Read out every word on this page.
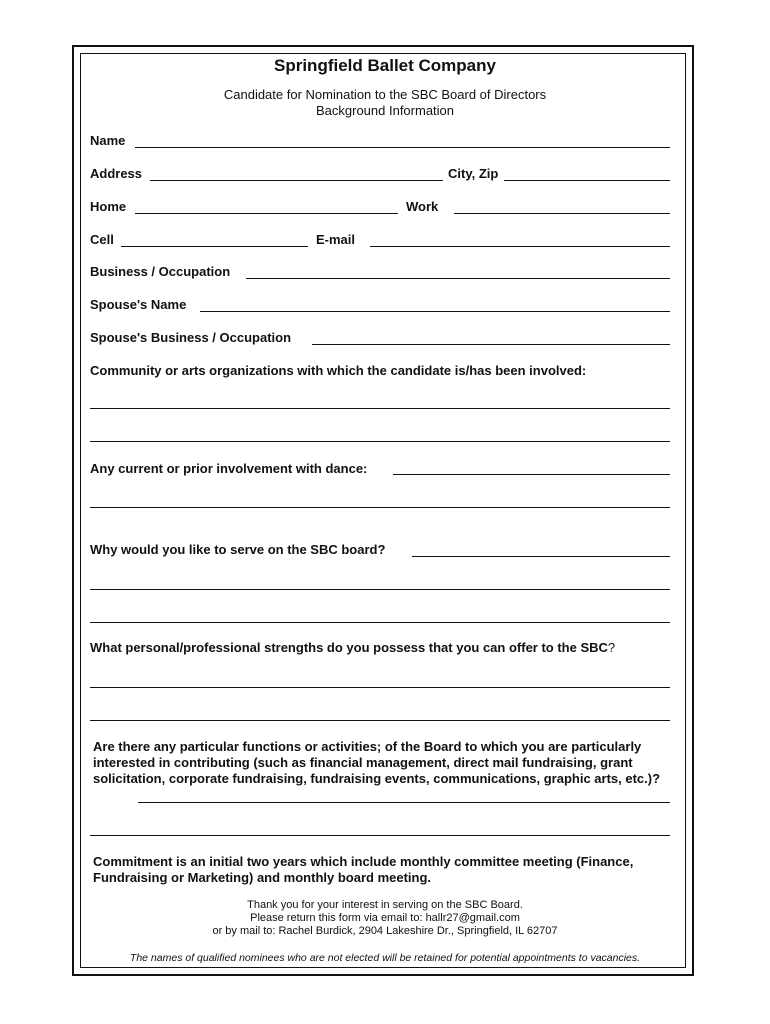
Springfield Ballet Company
Candidate for Nomination to the SBC Board of Directors
Background Information
Name
Address	City, Zip
Home	Work
Cell	E-mail
Business / Occupation
Spouse's Name
Spouse's Business / Occupation
Community or arts organizations with which the candidate is/has been involved:
Any current or prior involvement with dance:
Why would you like to serve on the SBC board?
What personal/professional strengths do you possess that you can offer to the SBC?
Are there any particular functions or activities; of the Board to which you are particularly interested in contributing (such as financial management, direct mail fundraising, grant solicitation, corporate fundraising, fundraising events, communications, graphic arts, etc.)?
Commitment is an initial two years which include monthly committee meeting (Finance, Fundraising or Marketing) and monthly board meeting.
Thank you for your interest in serving on the SBC Board.
Please return this form via email to: hallr27@gmail.com
or by mail to: Rachel Burdick, 2904 Lakeshire Dr., Springfield, IL 62707
The names of qualified nominees who are not elected will be retained for potential appointments to vacancies.
